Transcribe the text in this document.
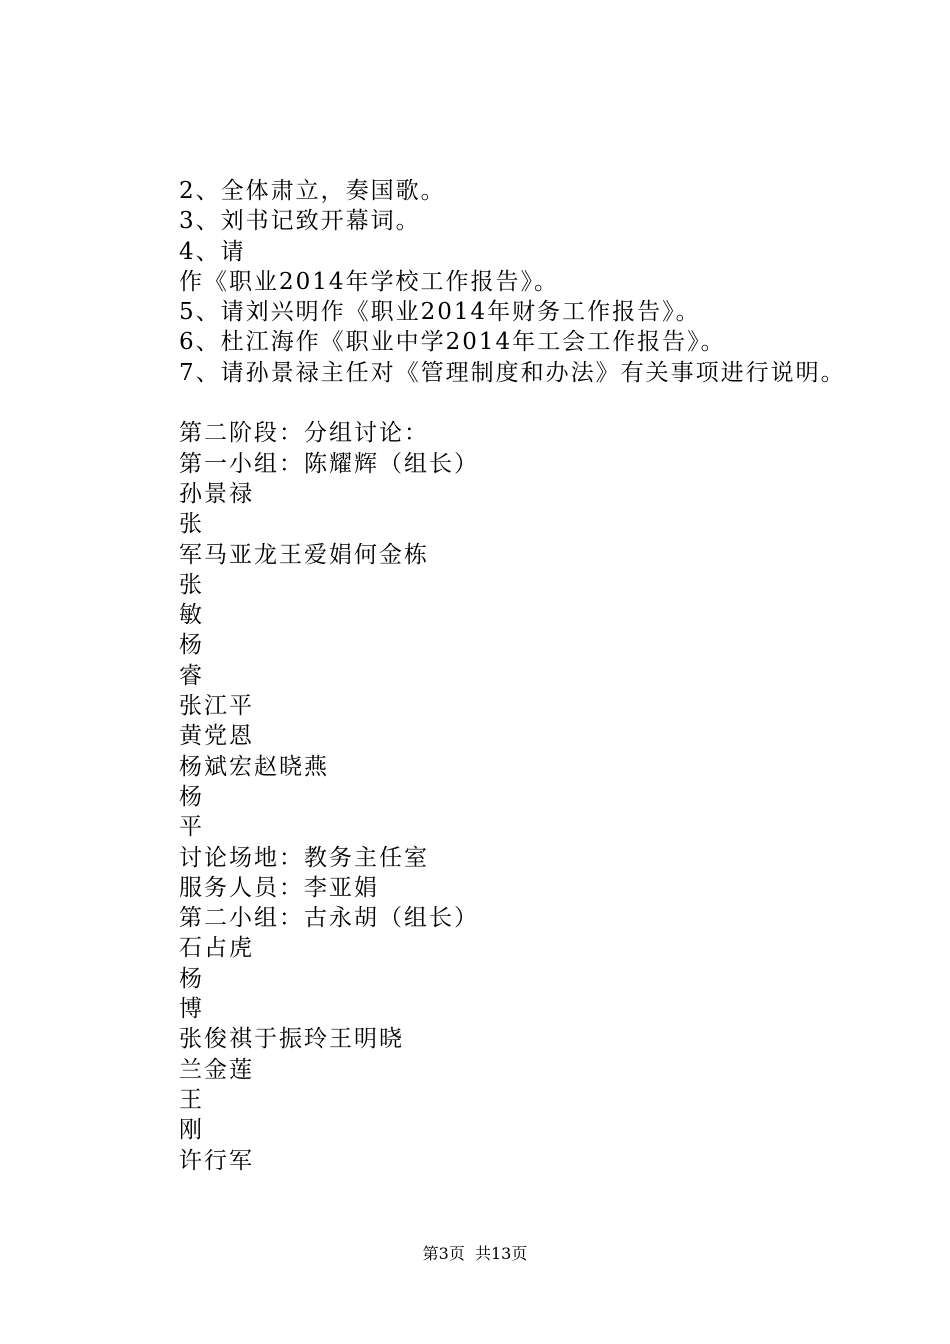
2、全体肃立，奏国歌。
3、刘书记致开幕词。
4、请
作《职业2014年学校工作报告》。
5、请刘兴明作《职业2014年财务工作报告》。
6、杜江海作《职业中学2014年工会工作报告》。
7、请孙景禄主任对《管理制度和办法》有关事项进行说明。
第二阶段：分组讨论：
第一小组：陈耀辉（组长）
孙景禄
张
军马亚龙王爱娟何金栋
张
敏
杨
睿
张江平
黄党恩
杨斌宏赵晓燕
杨
平
讨论场地：教务主任室
服务人员：李亚娟
第二小组：古永胡（组长）
石占虎
杨
博
张俊祺于振玲王明晓
兰金莲
王
刚
许行军
第3页  共13页
